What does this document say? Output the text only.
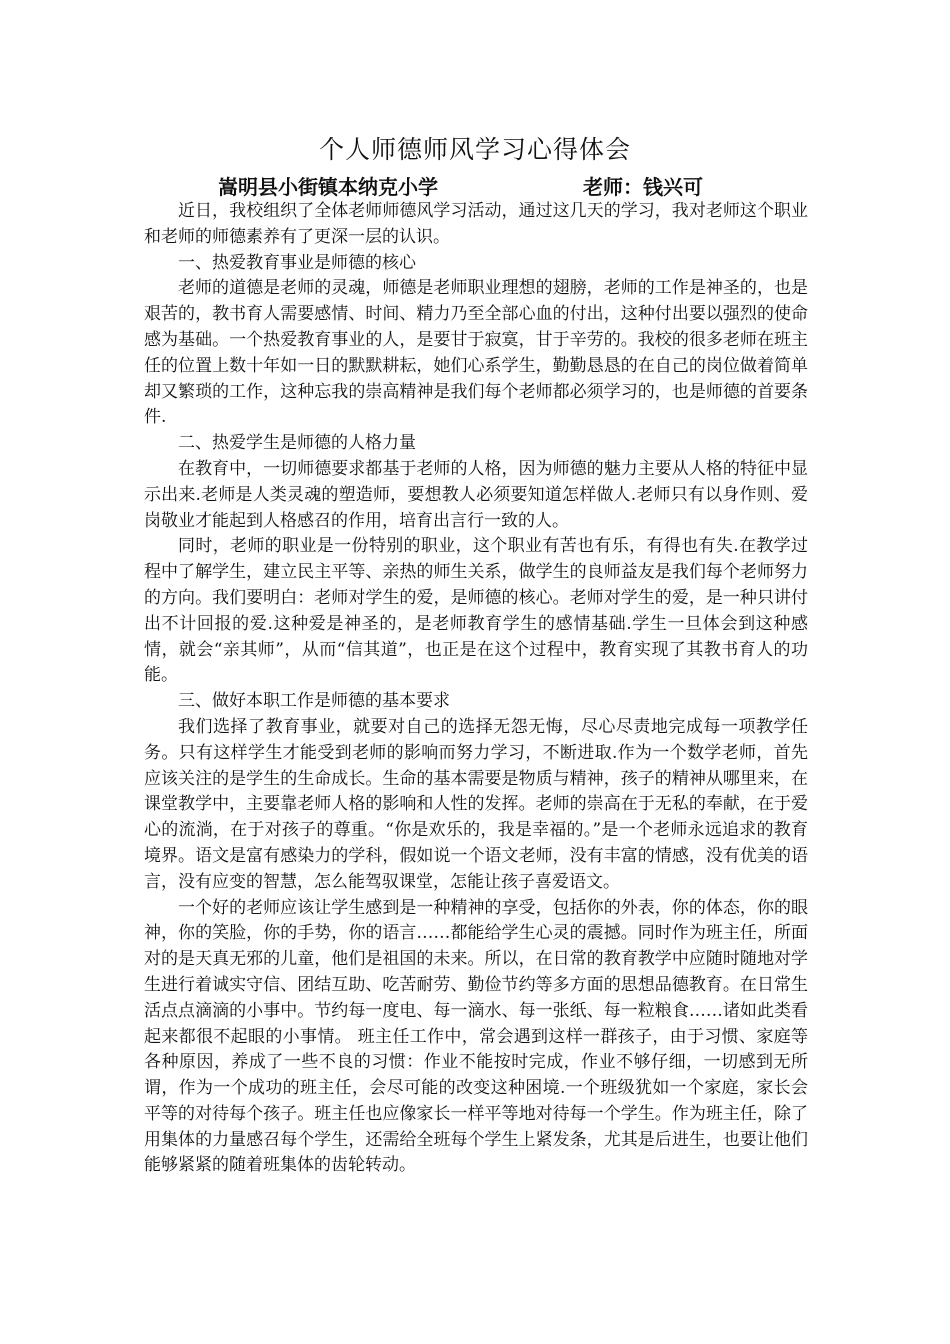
个人师德师风学习心得体会
嵩明县小街镇本纳克小学	老师：钱兴可

近日，我校组织了全体老师师德风学习活动，通过这几天的学习，我对老师这个职业和老师的师德素养有了更深一层的认识。

一、热爱教育事业是师德的核心

老师的道德是老师的灵魂，师德是老师职业理想的翅膀，老师的工作是神圣的，也是艰苦的，教书育人需要感情、时间、精力乃至全部心血的付出，这种付出要以强烈的使命感为基础。一个热爱教育事业的人，是要甘于寂寞，甘于辛劳的。我校的很多老师在班主任的位置上数十年如一日的默默耕耘，她们心系学生，勤勤恳恳的在自己的岗位做着简单却又繁琐的工作，这种忘我的崇高精神是我们每个老师都必须学习的，也是师德的首要条件.

二、热爱学生是师德的人格力量

在教育中，一切师德要求都基于老师的人格，因为师德的魅力主要从人格的特征中显示出来.老师是人类灵魂的塑造师，要想教人必须要知道怎样做人.老师只有以身作则、爱岗敬业才能起到人格感召的作用，培育出言行一致的人。

同时，老师的职业是一份特别的职业，这个职业有苦也有乐，有得也有失.在教学过程中了解学生，建立民主平等、亲热的师生关系，做学生的良师益友是我们每个老师努力的方向。我们要明白：老师对学生的爱，是师德的核心。老师对学生的爱，是一种只讲付出不计回报的爱.这种爱是神圣的，是老师教育学生的感情基础.学生一旦体会到这种感情，就会“亲其师”，从而“信其道”，也正是在这个过程中，教育实现了其教书育人的功能。

三、做好本职工作是师德的基本要求

我们选择了教育事业，就要对自己的选择无怨无悔，尽心尽责地完成每一项教学任务。只有这样学生才能受到老师的影响而努力学习，不断进取.作为一个数学老师，首先应该关注的是学生的生命成长。生命的基本需要是物质与精神，孩子的精神从哪里来，在课堂教学中，主要靠老师人格的影响和人性的发挥。老师的崇高在于无私的奉献，在于爱心的流淌，在于对孩子的尊重。“你是欢乐的，我是幸福的。”是一个老师永远追求的教育境界。语文是富有感染力的学科，假如说一个语文老师，没有丰富的情感，没有优美的语言，没有应变的智慧，怎么能驾驭课堂，怎能让孩子喜爱语文。

一个好的老师应该让学生感到是一种精神的享受，包括你的外表，你的体态，你的眼神，你的笑脸，你的手势，你的语言……都能给学生心灵的震撼。同时作为班主任，所面对的是天真无邪的儿童，他们是祖国的未来。所以，在日常的教育教学中应随时随地对学生进行着诚实守信、团结互助、吃苦耐劳、勤俭节约等多方面的思想品德教育。在日常生活点点滴滴的小事中。节约每一度电、每一滴水、每一张纸、每一粒粮食……诸如此类看起来都很不起眼的小事情。 班主任工作中，常会遇到这样一群孩子，由于习惯、家庭等各种原因，养成了一些不良的习惯：作业不能按时完成，作业不够仔细，一切感到无所谓，作为一个成功的班主任，会尽可能的改变这种困境.一个班级犹如一个家庭，家长会平等的对待每个孩子。班主任也应像家长一样平等地对待每一个学生。作为班主任，除了用集体的力量感召每个学生，还需给全班每个学生上紧发条，尤其是后进生，也要让他们能够紧紧的随着班集体的齿轮转动。
